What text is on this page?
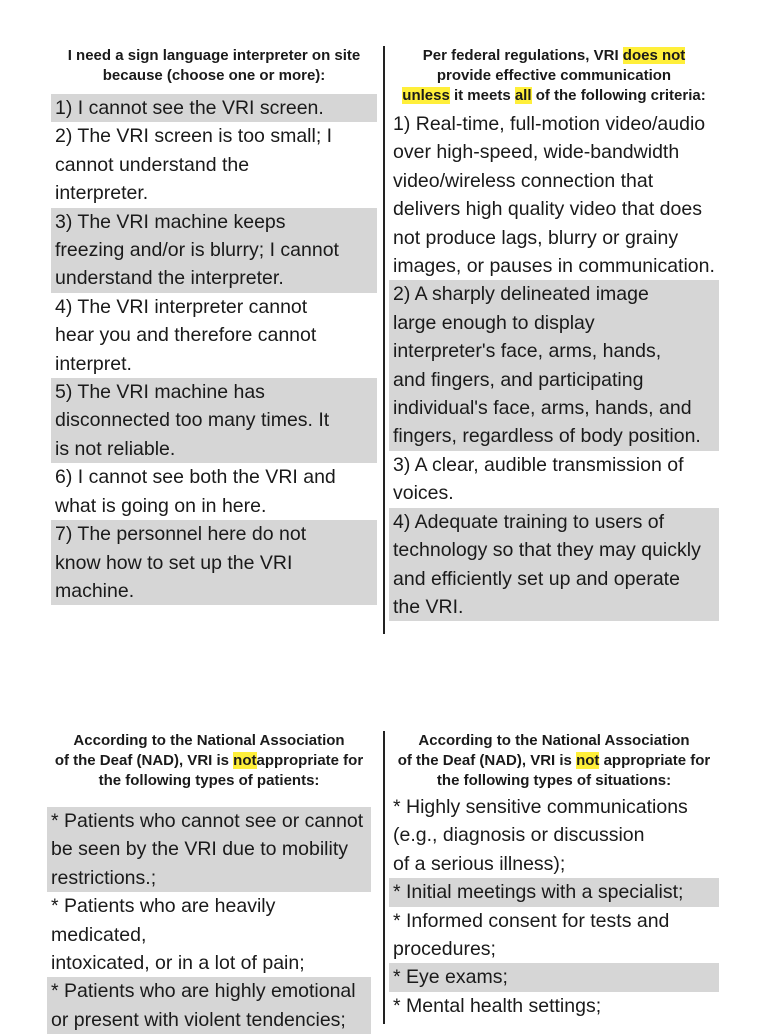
I need a sign language interpreter on site
because (choose one or more):
1) I cannot see the VRI screen.
2) The VRI screen is too small; I
cannot understand the
interpreter.
3) The VRI machine keeps
freezing and/or is blurry; I cannot
understand the interpreter.
4) The VRI interpreter cannot
hear you and therefore cannot
interpret.
5) The VRI machine has
disconnected too many times. It
is not reliable.
6) I cannot see both the VRI and
what is going on in here.
7) The personnel here do not
know how to set up the VRI
machine.
Per federal regulations, VRI does not
provide effective communication
unless it meets all of the following criteria:
1) Real-time, full-motion video/audio
over high-speed, wide-bandwidth
video/wireless connection that
delivers high quality video that does
not produce lags, blurry or grainy
images, or pauses in communication.
2) A sharply delineated image
large enough to display
interpreter's face, arms, hands,
and fingers, and participating
individual's face, arms, hands, and
fingers, regardless of body position.
3) A clear, audible transmission of
voices.
4) Adequate training to users of
technology so that they may quickly
and efficiently set up and operate
the VRI.
According to the National Association
of the Deaf (NAD), VRI is notappropriate for
the following types of patients:
* Patients who cannot see or cannot
be seen by the VRI due to mobility
restrictions.;
* Patients who are heavily medicated,
intoxicated, or in a lot of pain;
* Patients who are highly emotional
or present with violent tendencies;
According to the National Association
of the Deaf (NAD), VRI is not appropriate for
the following types of situations:
* Highly sensitive communications
(e.g., diagnosis or discussion
of a serious illness);
* Initial meetings with a specialist;
* Informed consent for tests and
procedures;
* Eye exams;
* Mental health settings;
